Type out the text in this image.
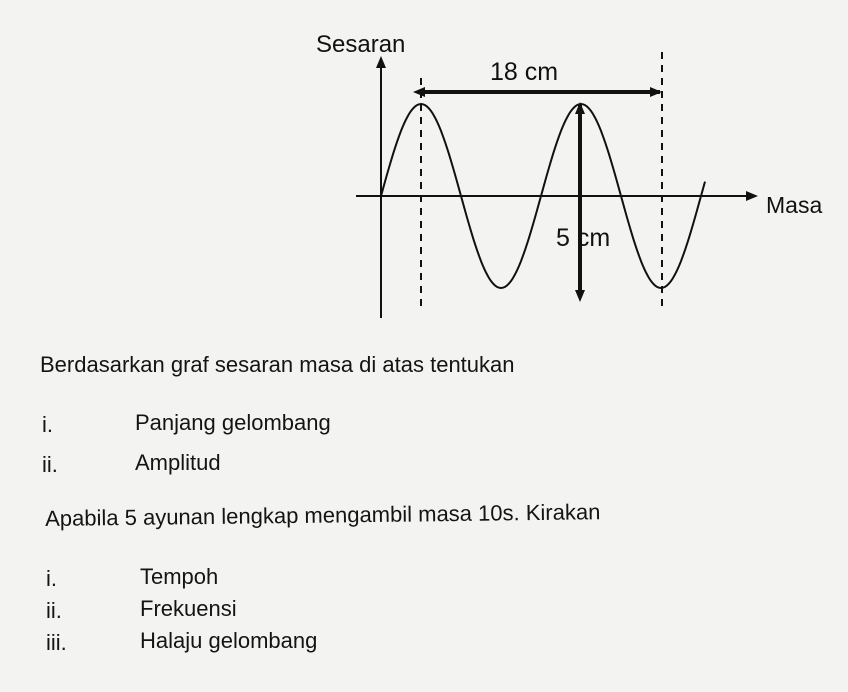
Sesaran
Masa
18 cm
5 cm
Berdasarkan graf sesaran masa di atas tentukan
i.	Panjang gelombang
ii.	Amplitud
Apabila 5 ayunan lengkap mengambil masa 10s. Kirakan
i.	Tempoh
ii.	Frekuensi
iii.	Halaju gelombang
